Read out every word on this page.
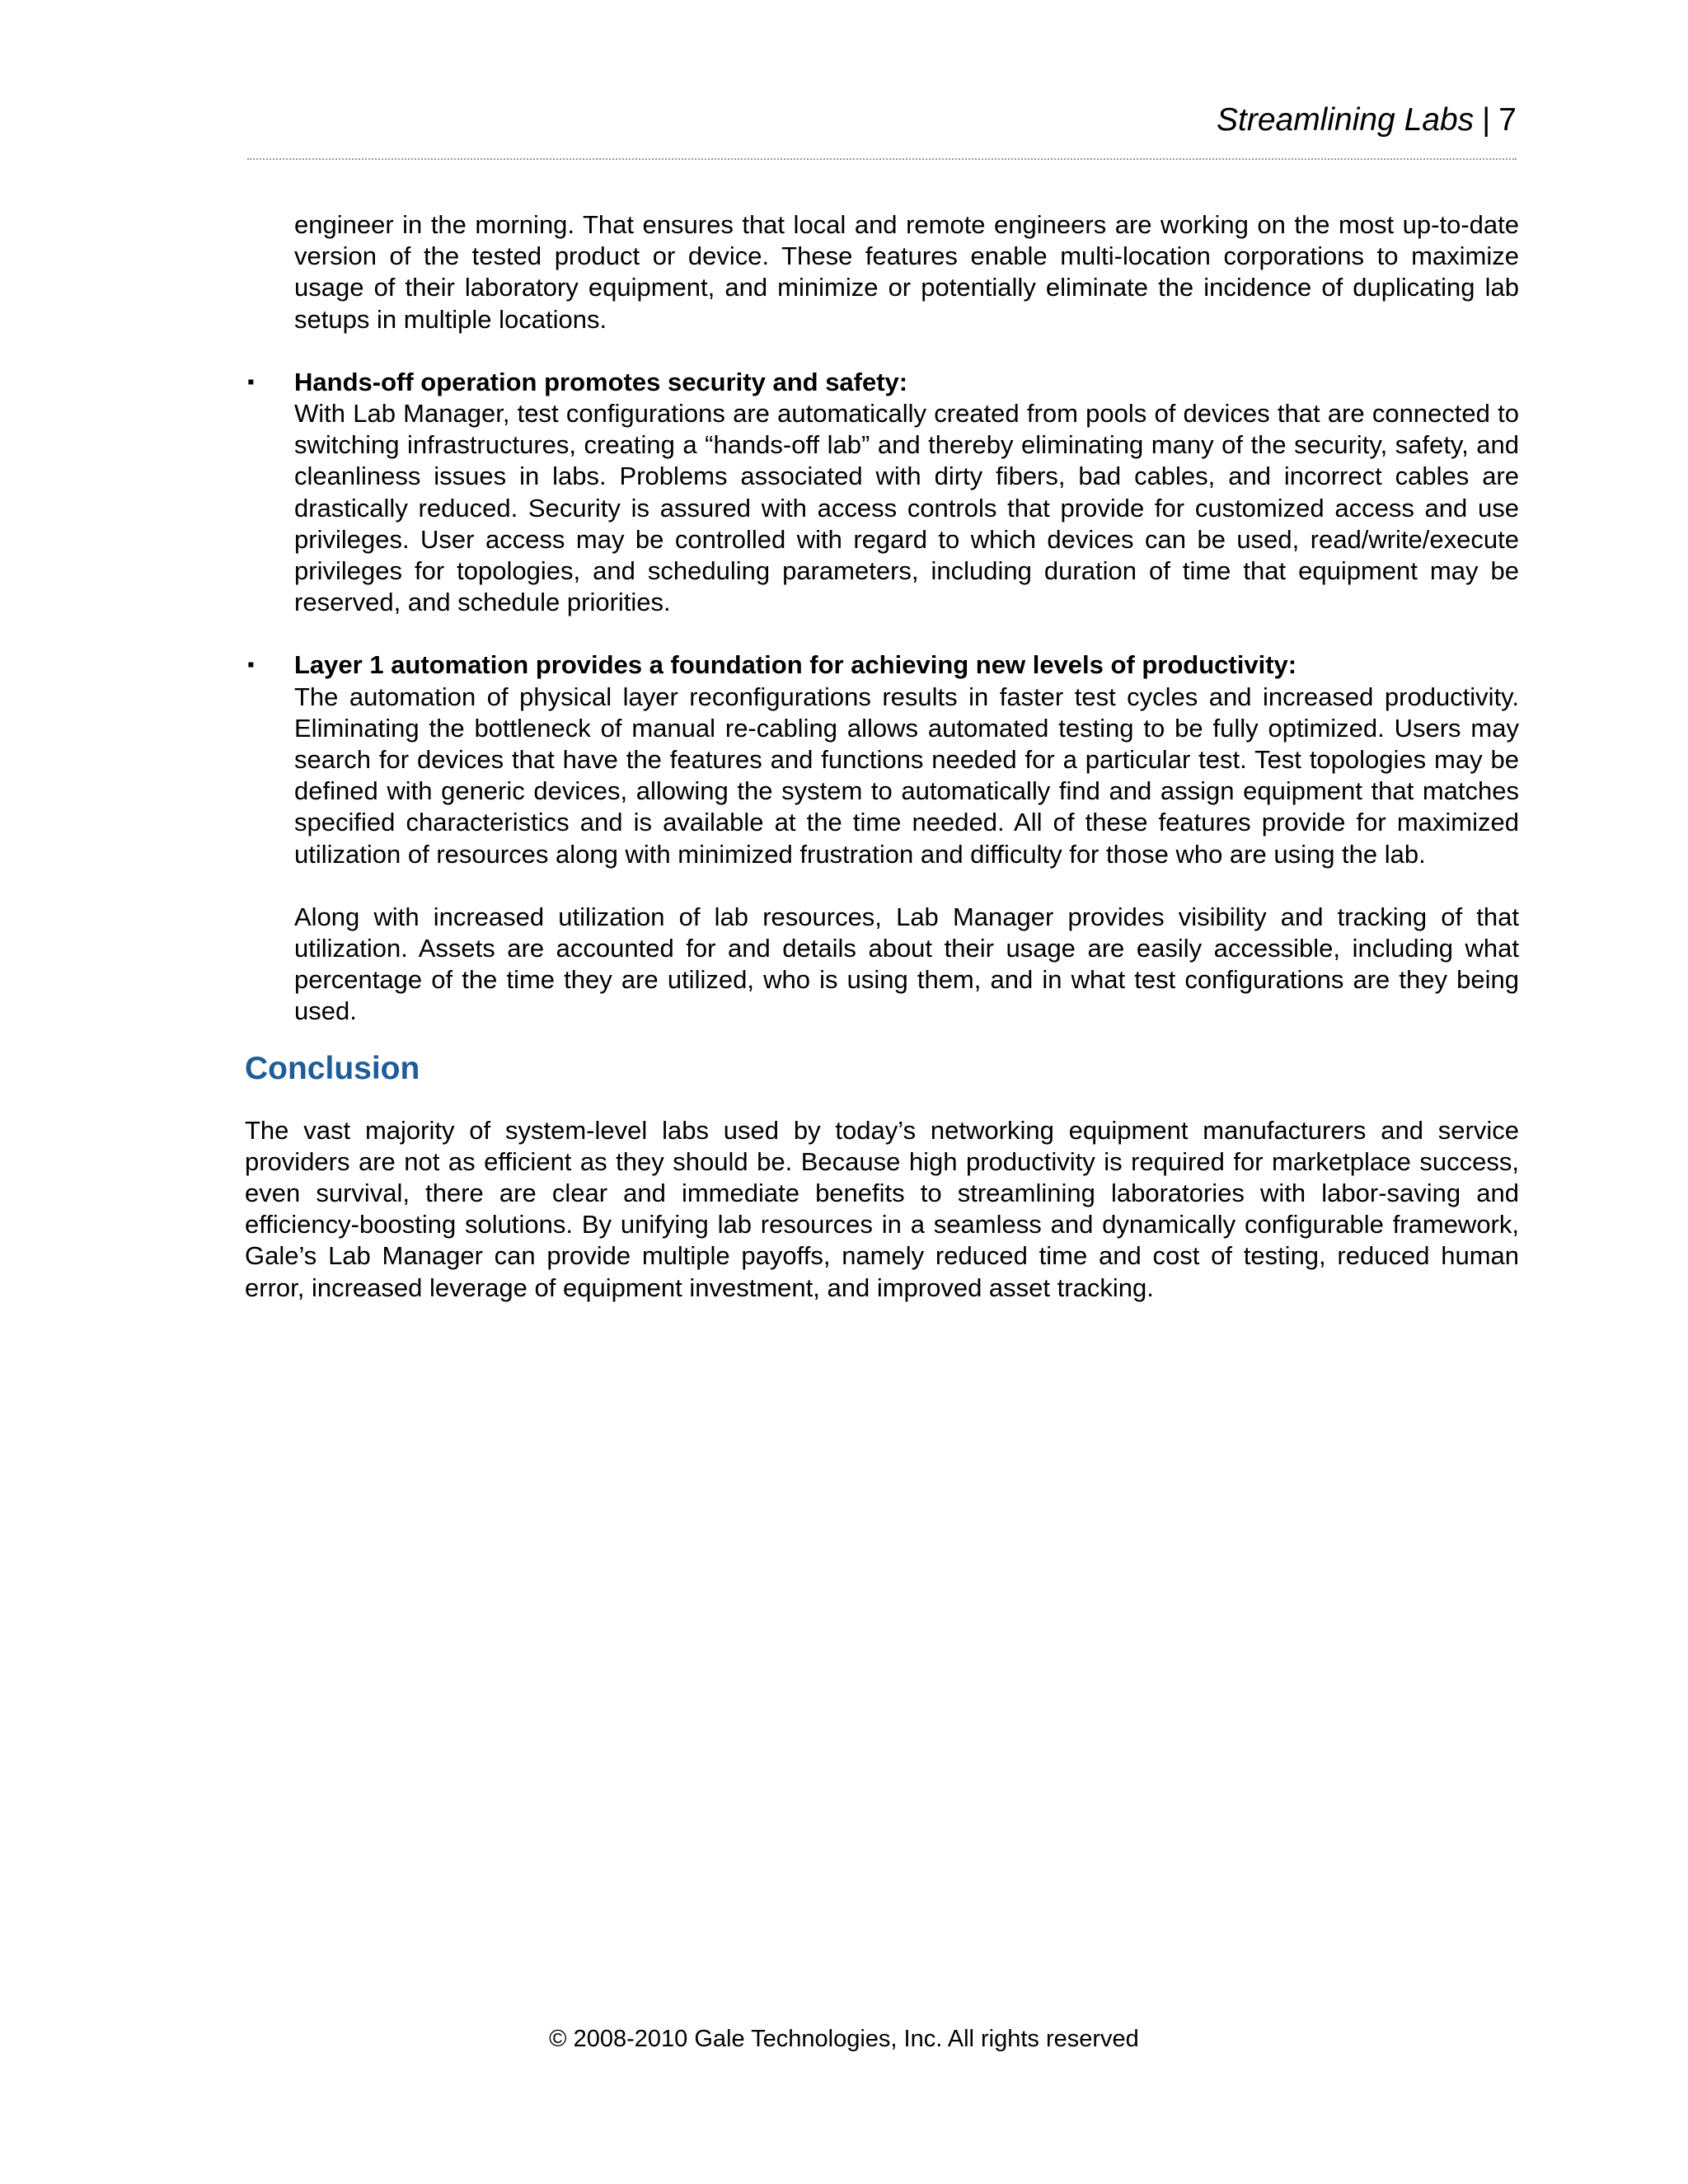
Streamlining Labs | 7

engineer in the morning. That ensures that local and remote engineers are working on the most up-to-date version of the tested product or device. These features enable multi-location corporations to maximize usage of their laboratory equipment, and minimize or potentially eliminate the incidence of duplicating lab setups in multiple locations.

▪ Hands-off operation promotes security and safety:

With Lab Manager, test configurations are automatically created from pools of devices that are connected to switching infrastructures, creating a “hands-off lab” and thereby eliminating many of the security, safety, and cleanliness issues in labs. Problems associated with dirty fibers, bad cables, and incorrect cables are drastically reduced. Security is assured with access controls that provide for customized access and use privileges. User access may be controlled with regard to which devices can be used, read/write/execute privileges for topologies, and scheduling parameters, including duration of time that equipment may be reserved, and schedule priorities.

▪ Layer 1 automation provides a foundation for achieving new levels of productivity:

The automation of physical layer reconfigurations results in faster test cycles and increased productivity. Eliminating the bottleneck of manual re-cabling allows automated testing to be fully optimized. Users may search for devices that have the features and functions needed for a particular test. Test topologies may be defined with generic devices, allowing the system to automatically find and assign equipment that matches specified characteristics and is available at the time needed. All of these features provide for maximized utilization of resources along with minimized frustration and difficulty for those who are using the lab.

Along with increased utilization of lab resources, Lab Manager provides visibility and tracking of that utilization. Assets are accounted for and details about their usage are easily accessible, including what percentage of the time they are utilized, who is using them, and in what test configurations are they being used.

Conclusion

The vast majority of system-level labs used by today’s networking equipment manufacturers and service providers are not as efficient as they should be. Because high productivity is required for marketplace success, even survival, there are clear and immediate benefits to streamlining laboratories with labor-saving and efficiency-boosting solutions. By unifying lab resources in a seamless and dynamically configurable framework, Gale’s Lab Manager can provide multiple payoffs, namely reduced time and cost of testing, reduced human error, increased leverage of equipment investment, and improved asset tracking.

© 2008-2010 Gale Technologies, Inc. All rights reserved
